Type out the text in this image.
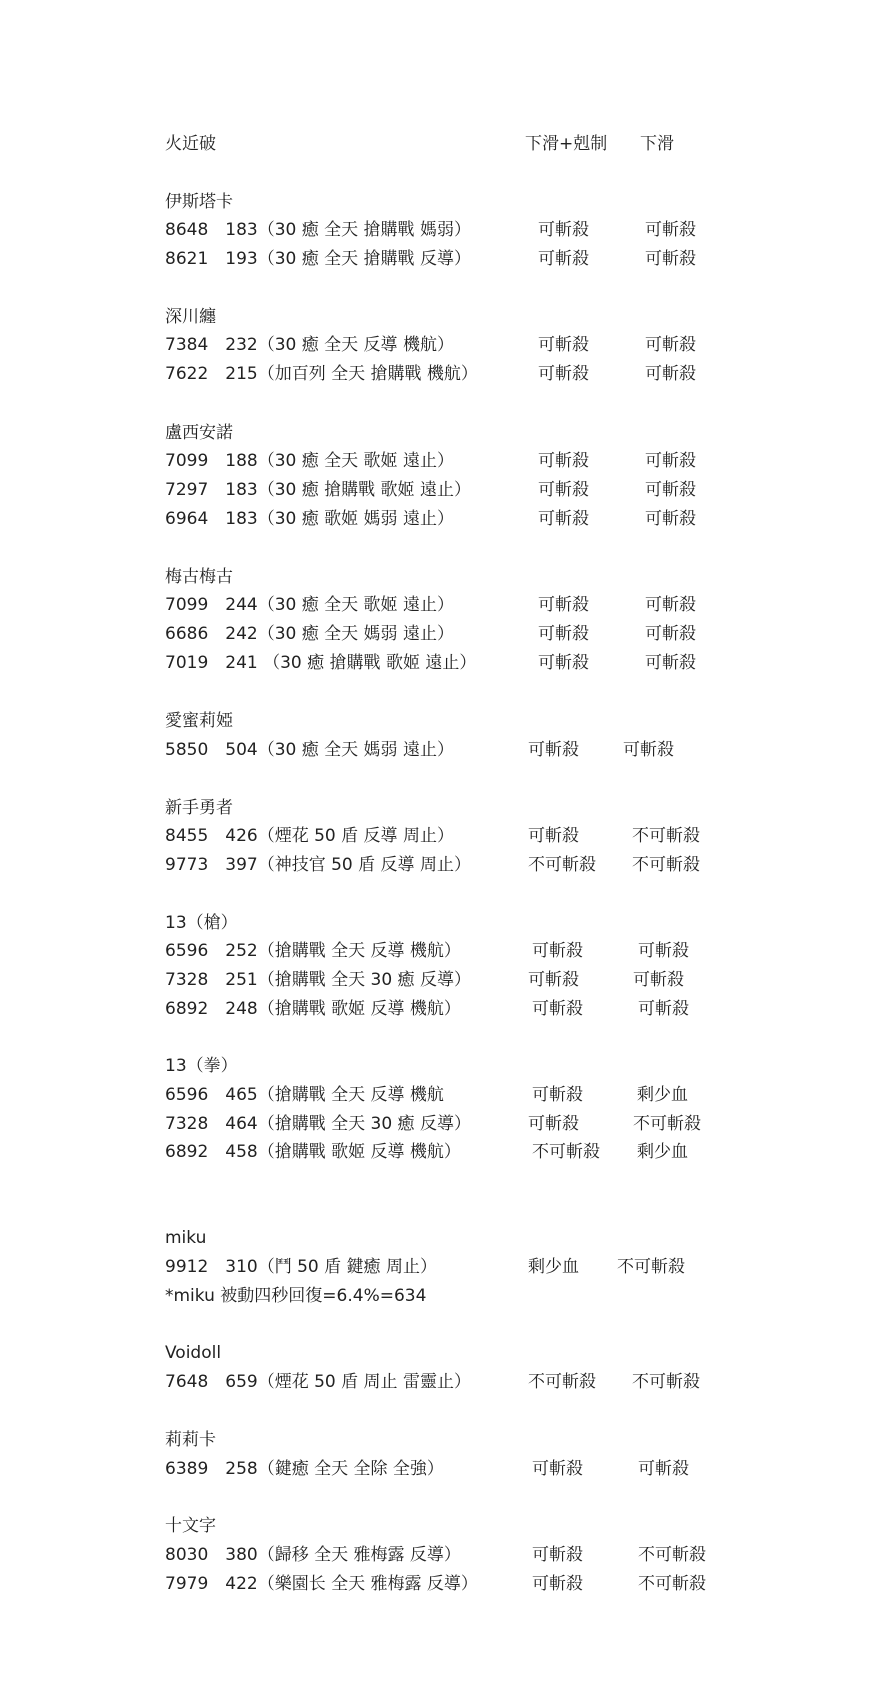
火近破	下滑+剋制 下滑
伊斯塔卡
8648　183（30 癒 全天 搶購戰 媽弱）	可斬殺	可斬殺
8621　193（30 癒 全天 搶購戰 反導）	可斬殺	可斬殺
深川纏
7384　232（30 癒 全天 反導 機航）	可斬殺	可斬殺
7622　215（加百列 全天 搶購戰 機航）	可斬殺	可斬殺
盧西安諾
7099　188（30 癒 全天 歌姬 遠止）	可斬殺	可斬殺
7297　183（30 癒 搶購戰 歌姬 遠止）	可斬殺	可斬殺
6964　183（30 癒 歌姬 媽弱 遠止）	可斬殺	可斬殺
梅古梅古
7099　244（30 癒 全天 歌姬 遠止）	可斬殺	可斬殺
6686　242（30 癒 全天 媽弱 遠止）	可斬殺	可斬殺
7019　241 （30 癒 搶購戰 歌姬 遠止）	可斬殺	可斬殺
愛蜜莉婭
5850　504（30 癒 全天 媽弱 遠止）	可斬殺	可斬殺
新手勇者
8455　426（煙花 50 盾 反導 周止）	可斬殺	不可斬殺
9773　397（神技官 50 盾 反導 周止）	不可斬殺 不可斬殺
13（槍）
6596　252（搶購戰 全天 反導 機航）	可斬殺	可斬殺
7328　251（搶購戰 全天 30 癒 反導）	可斬殺	可斬殺
6892　248（搶購戰 歌姬 反導 機航）	可斬殺	可斬殺
13（拳）
6596　465（搶購戰 全天 反導 機航	可斬殺	剩少血
7328　464（搶購戰 全天 30 癒 反導）	可斬殺	不可斬殺
6892　458（搶購戰 歌姬 反導 機航）	不可斬殺 剩少血
miku
9912　310（鬥 50 盾 鍵癒 周止）	剩少血 不可斬殺
*miku 被動四秒回復=6.4%=634
Voidoll
7648　659（煙花 50 盾 周止 雷靈止）	不可斬殺 不可斬殺
莉莉卡
6389　258（鍵癒 全天 全除 全強）	可斬殺	可斬殺
十文字
8030　380（歸移 全天 雅梅露 反導）	可斬殺	不可斬殺
7979　422（樂園长 全天 雅梅露 反導）	可斬殺	不可斬殺
